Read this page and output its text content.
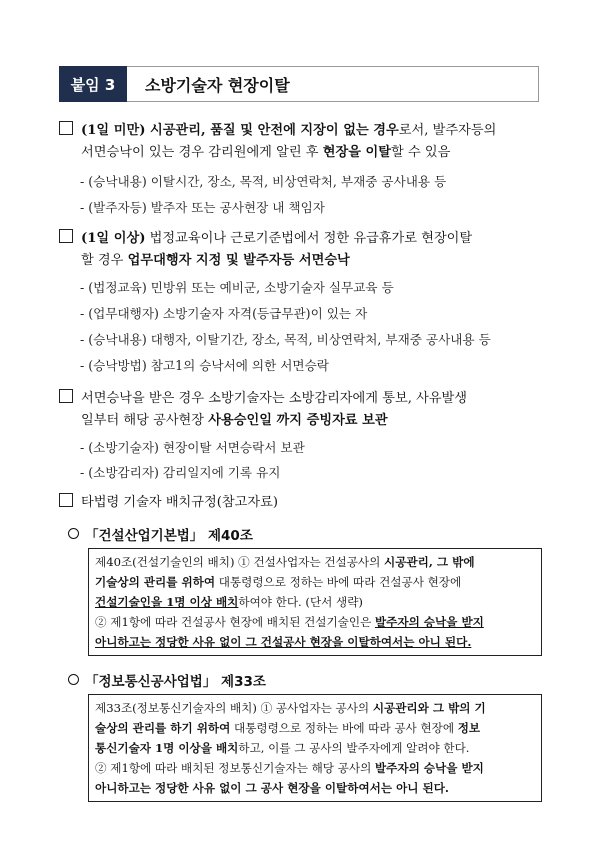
붙임 3	소방기술자 현장이탈
(1일 미만) 시공관리, 품질 및 안전에 지장이 없는 경우로서, 발주자등의
서면승낙이 있는 경우 감리원에게 알린 후 현장을 이탈할 수 있음
- (승낙내용) 이탈시간, 장소, 목적, 비상연락처, 부재중 공사내용 등
- (발주자등) 발주자 또는 공사현장 내 책임자
(1일 이상) 법정교육이나 근로기준법에서 정한 유급휴가로 현장이탈
할 경우 업무대행자 지정 및 발주자등 서면승낙
- (법정교육) 민방위 또는 예비군, 소방기술자 실무교육 등
- (업무대행자) 소방기술자 자격(등급무관)이 있는 자
- (승낙내용) 대행자, 이탈기간, 장소, 목적, 비상연락처, 부재중 공사내용 등
- (승낙방법) 참고1의 승낙서에 의한 서면승락
서면승낙을 받은 경우 소방기술자는 소방감리자에게 통보, 사유발생
일부터 해당 공사현장 사용승인일 까지 증빙자료 보관
- (소방기술자) 현장이탈 서면승락서 보관
- (소방감리자) 감리일지에 기록 유지
타법령 기술자 배치규정(참고자료)
「건설산업기본법」 제40조
제40조(건설기술인의 배치) ① 건설사업자는 건설공사의 시공관리, 그 밖에
기술상의 관리를 위하여 대통령령으로 정하는 바에 따라 건설공사 현장에
건설기술인을 1명 이상 배치하여야 한다. (단서 생략)
② 제1항에 따라 건설공사 현장에 배치된 건설기술인은 발주자의 승낙을 받지
아니하고는 정당한 사유 없이 그 건설공사 현장을 이탈하여서는 아니 된다.
「정보통신공사업법」 제33조
제33조(정보통신기술자의 배치) ① 공사업자는 공사의 시공관리와 그 밖의 기
술상의 관리를 하기 위하여 대통령령으로 정하는 바에 따라 공사 현장에 정보
통신기술자 1명 이상을 배치하고, 이를 그 공사의 발주자에게 알려야 한다.
② 제1항에 따라 배치된 정보통신기술자는 해당 공사의 발주자의 승낙을 받지
아니하고는 정당한 사유 없이 그 공사 현장을 이탈하여서는 아니 된다.
